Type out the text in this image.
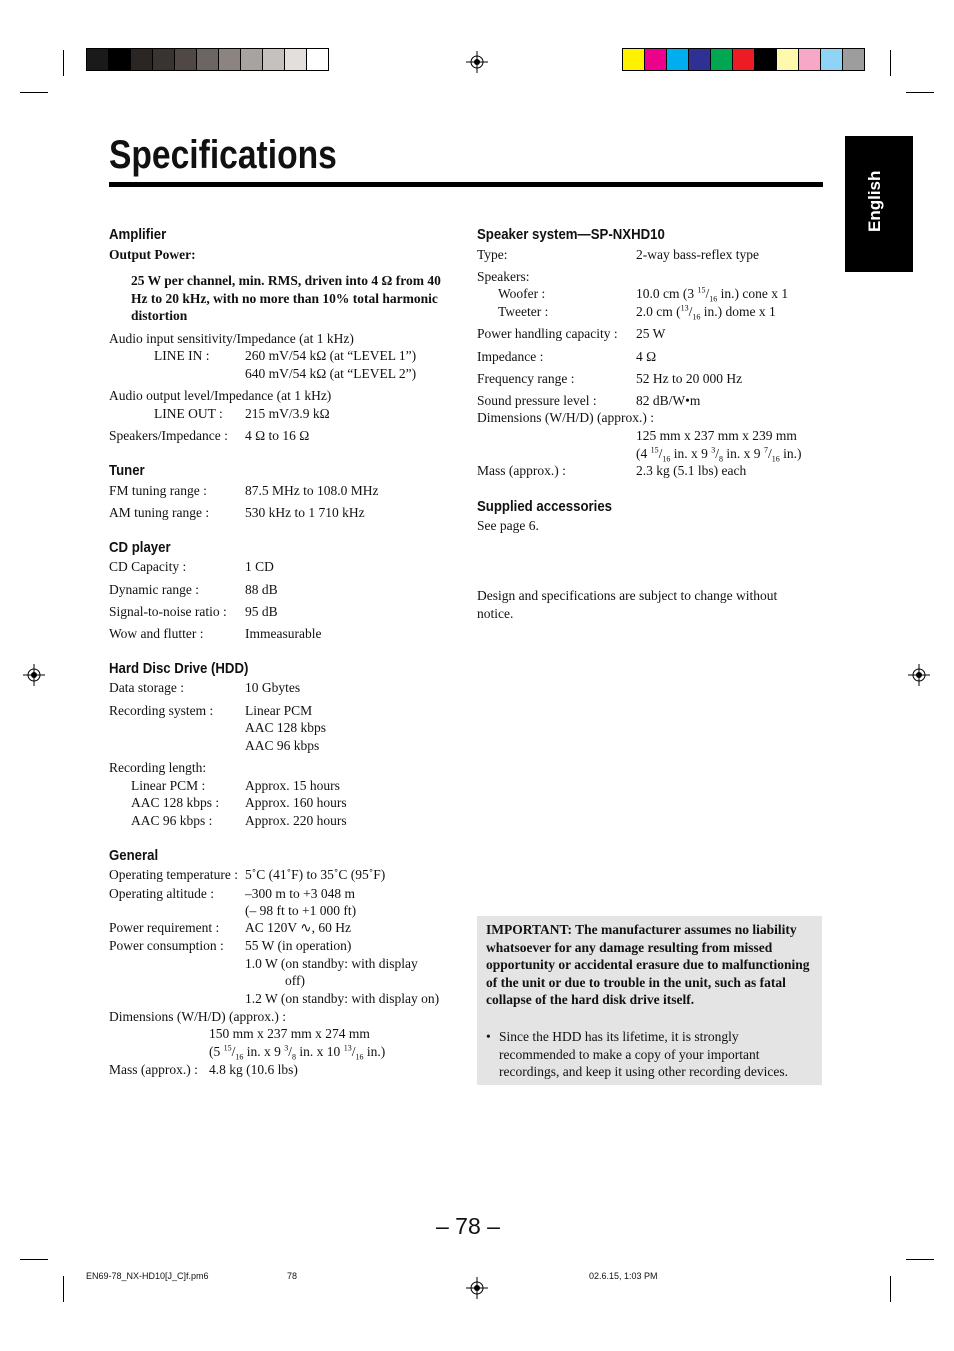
Specifications
English
Amplifier
Output Power:
25 W per channel, min. RMS, driven into 4 Ω from 40 Hz to 20 kHz, with no more than 10% total harmonic distortion
Audio input sensitivity/Impedance (at 1 kHz)
LINE IN :	260 mV/54 kΩ (at “LEVEL 1”)
640 mV/54 kΩ (at “LEVEL 2”)
Audio output level/Impedance (at 1 kHz)
LINE OUT : 215 mV/3.9 kΩ
Speakers/Impedance : 4 Ω to 16 Ω
Tuner
FM tuning range :	87.5 MHz to 108.0 MHz
AM tuning range :	530 kHz to 1 710 kHz
CD player
CD Capacity :	1 CD
Dynamic range :	88 dB
Signal-to-noise ratio : 95 dB
Wow and flutter :	Immeasurable
Hard Disc Drive (HDD)
Data storage :	10 Gbytes
Recording system : Linear PCM
AAC 128 kbps
AAC 96 kbps
Recording length:
Linear PCM :	Approx. 15 hours
AAC 128 kbps : Approx. 160 hours
AAC 96 kbps : Approx. 220 hours
General
Operating temperature : 5˚C (41˚F) to 35˚C (95˚F)
Operating altitude : –300 m to +3 048 m
(– 98 ft to +1 000 ft)
Power requirement : AC 120V ∿, 60 Hz
Power consumption : 55 W (in operation)
1.0 W (on standby: with display
off)
1.2 W (on standby: with display on)
Dimensions (W/H/D) (approx.) :
150 mm x 237 mm x 274 mm
(5 $^{15}/_{16}$ in. x 9 $^3/_8$ in. x 10 $^{13}/_{16}$ in.)
Mass (approx.) : 4.8 kg (10.6 lbs)
Speaker system—SP-NXHD10
Type:	2-way bass-reflex type
Speakers:
Woofer :	10.0 cm (3 $^{15}/_{16}$ in.) cone x 1
Tweeter :	2.0 cm ($^{13}/_{16}$ in.) dome x 1
Power handling capacity : 25 W
Impedance :	4 Ω
Frequency range :	52 Hz to 20 000 Hz
Sound pressure level :	82 dB/W•m
Dimensions (W/H/D) (approx.) :
125 mm x 237 mm x 239 mm
(4 $^{15}/_{16}$ in. x 9 $^3/_8$ in. x 9 $^7/_{16}$ in.)
Mass (approx.) :	2.3 kg (5.1 lbs) each
Supplied accessories
See page 6.
Design and specifications are subject to change without notice.
IMPORTANT: The manufacturer assumes no liability whatsoever for any damage resulting from missed opportunity or accidental erasure due to malfunctioning of the unit or due to trouble in the unit, such as fatal collapse of the hard disk drive itself.
• Since the HDD has its lifetime, it is strongly recommended to make a copy of your important recordings, and keep it using other recording devices.
– 78 –
EN69-78_NX-HD10[J_C]f.pm6	78	02.6.15, 1:03 PM
